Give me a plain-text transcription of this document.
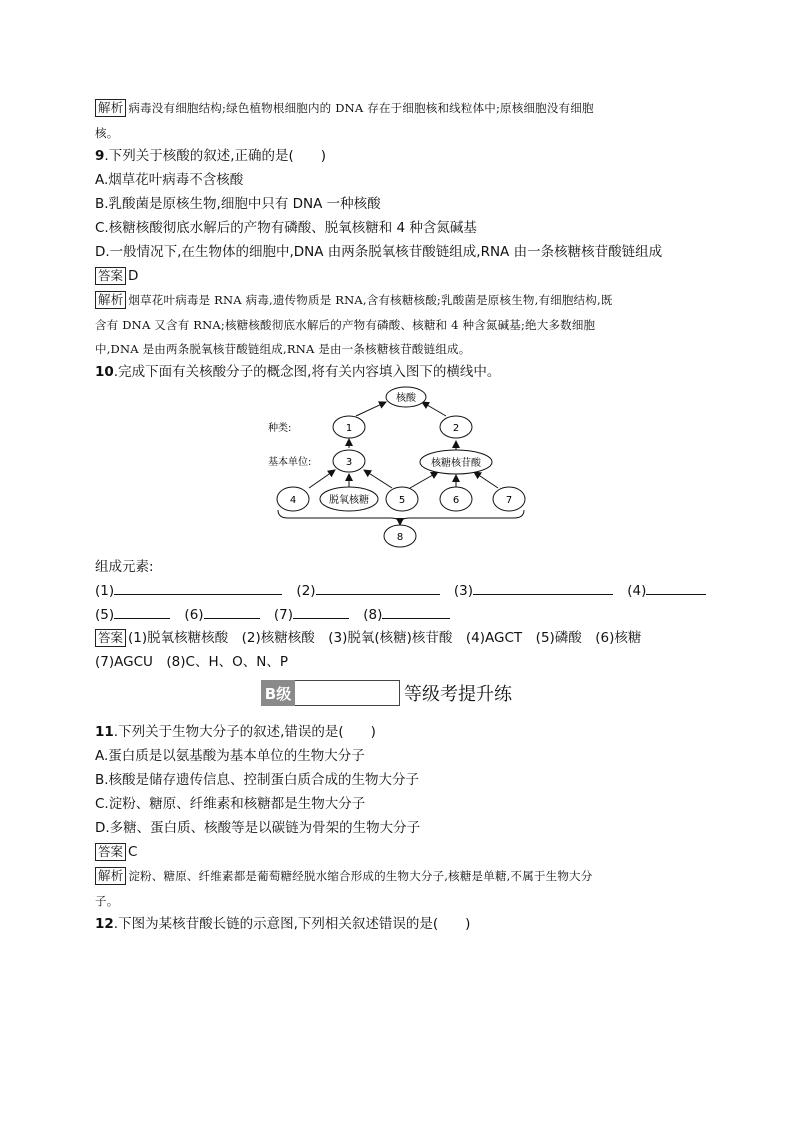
解析 病毒没有细胞结构;绿色植物根细胞内的 DNA 存在于细胞核和线粒体中;原核细胞没有细胞
核。
9.下列关于核酸的叙述,正确的是(　　)
A.烟草花叶病毒不含核酸
B.乳酸菌是原核生物,细胞中只有 DNA 一种核酸
C.核糖核酸彻底水解后的产物有磷酸、脱氧核糖和 4 种含氮碱基
D.一般情况下,在生物体的细胞中,DNA 由两条脱氧核苷酸链组成,RNA 由一条核糖核苷酸链组成
答案 D
解析 烟草花叶病毒是 RNA 病毒,遗传物质是 RNA,含有核糖核酸;乳酸菌是原核生物,有细胞结构,既
含有 DNA 又含有 RNA;核糖核酸彻底水解后的产物有磷酸、核糖和 4 种含氮碱基;绝大多数细胞
中,DNA 是由两条脱氧核苷酸链组成,RNA 是由一条核糖核苷酸链组成。
10.完成下面有关核酸分子的概念图,将有关内容填入图下的横线中。
核酸
种类:	1	2
基本单位:	3	核糖核苷酸
4	脱氧核糖	5	6	7
8
组成元素:
(1)	(2)	(3)	(4)
(5)	(6)	(7)	(8)
答案 (1)脱氧核糖核酸　(2)核糖核酸　(3)脱氧(核糖)核苷酸　(4)AGCT　(5)磷酸　(6)核糖
(7)AGCU　(8)C、H、O、N、P
B级	等级考提升练
11.下列关于生物大分子的叙述,错误的是(　　)
A.蛋白质是以氨基酸为基本单位的生物大分子
B.核酸是储存遗传信息、控制蛋白质合成的生物大分子
C.淀粉、糖原、纤维素和核糖都是生物大分子
D.多糖、蛋白质、核酸等是以碳链为骨架的生物大分子
答案 C
解析 淀粉、糖原、纤维素都是葡萄糖经脱水缩合形成的生物大分子,核糖是单糖,不属于生物大分
子。
12.下图为某核苷酸长链的示意图,下列相关叙述错误的是(　　)
